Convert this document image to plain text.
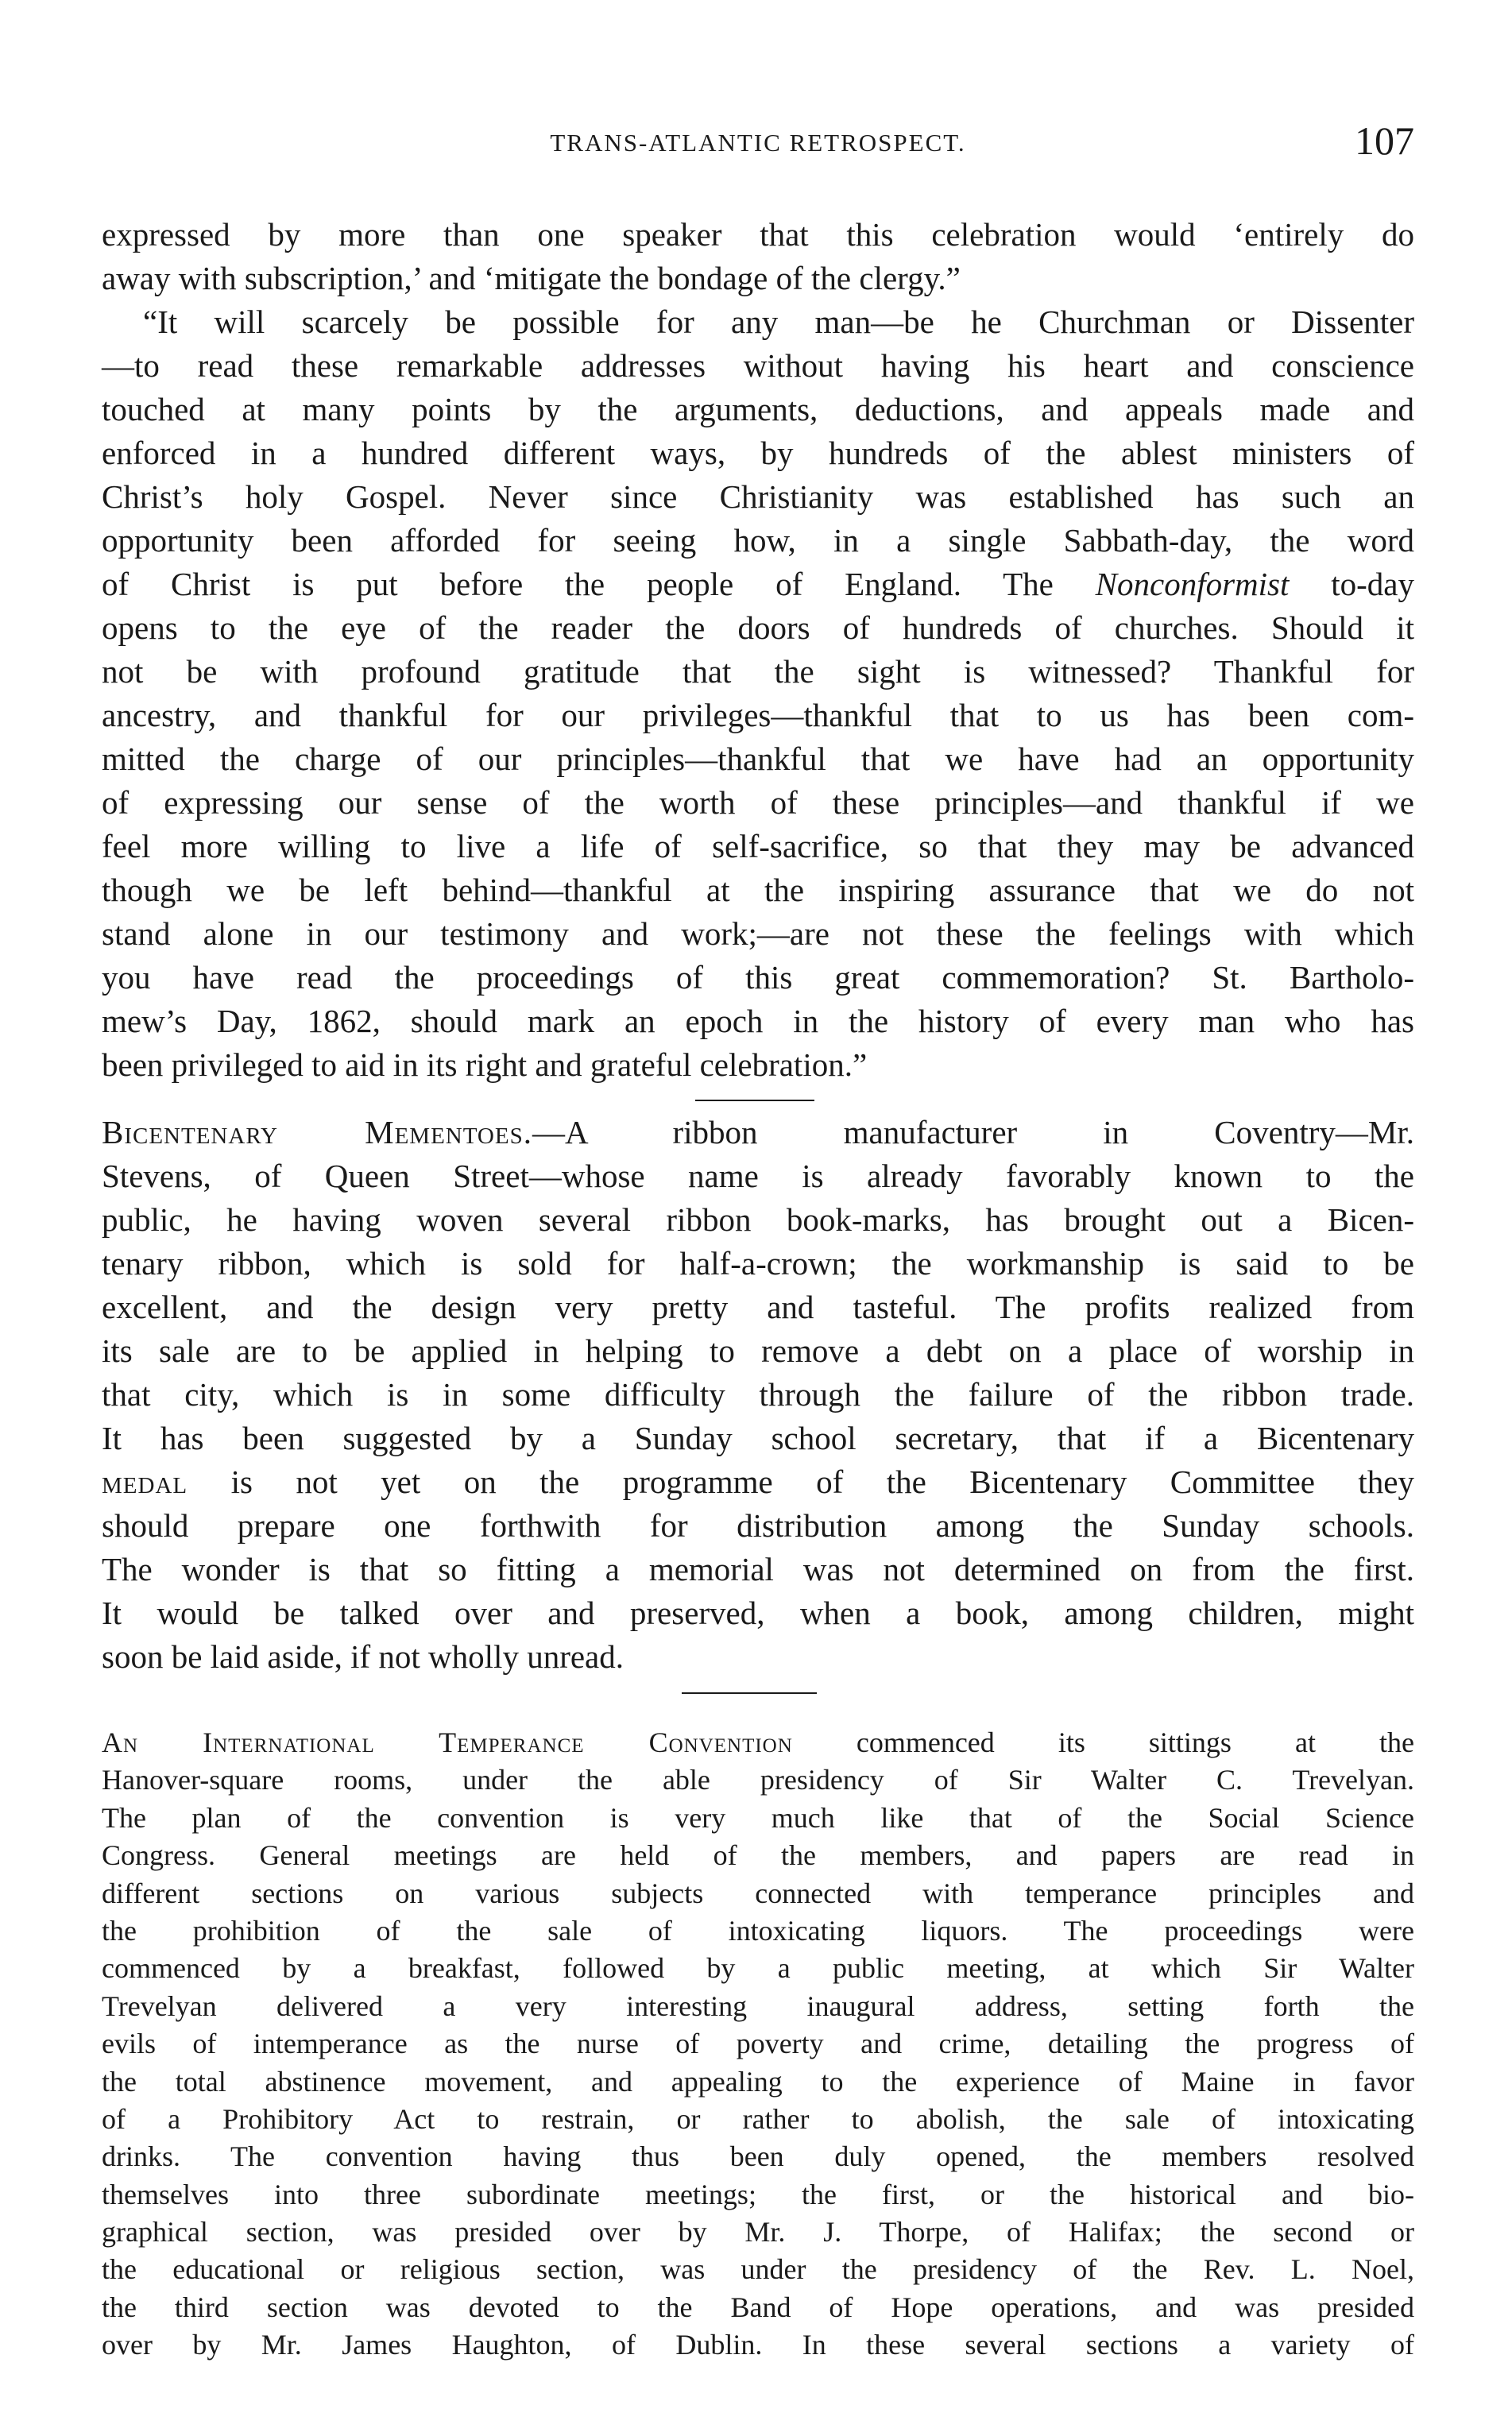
TRANS-ATLANTIC RETROSPECT.	107
expressed by more than one speaker that this celebration would ‘entirely do
away with subscription,’ and ‘mitigate the bondage of the clergy.”
“It will scarcely be possible for any man—be he Churchman or Dissenter
—to read these remarkable addresses without having his heart and conscience
touched at many points by the arguments, deductions, and appeals made and
enforced in a hundred different ways, by hundreds of the ablest ministers of
Christ’s holy Gospel. Never since Christianity was established has such an
opportunity been afforded for seeing how, in a single Sabbath-day, the word
of Christ is put before the people of England. The Nonconformist to-day
opens to the eye of the reader the doors of hundreds of churches. Should it
not be with profound gratitude that the sight is witnessed? Thankful for
ancestry, and thankful for our privileges—thankful that to us has been com-
mitted the charge of our principles—thankful that we have had an opportunity
of expressing our sense of the worth of these principles—and thankful if we
feel more willing to live a life of self-sacrifice, so that they may be advanced
though we be left behind—thankful at the inspiring assurance that we do not
stand alone in our testimony and work;—are not these the feelings with which
you have read the proceedings of this great commemoration? St. Bartholo-
mew’s Day, 1862, should mark an epoch in the history of every man who has
been privileged to aid in its right and grateful celebration.”
Bicentenary Mementoes.—A ribbon manufacturer in Coventry—Mr.
Stevens, of Queen Street—whose name is already favorably known to the
public, he having woven several ribbon book-marks, has brought out a Bicen-
tenary ribbon, which is sold for half-a-crown; the workmanship is said to be
excellent, and the design very pretty and tasteful. The profits realized from
its sale are to be applied in helping to remove a debt on a place of worship in
that city, which is in some difficulty through the failure of the ribbon trade.
It has been suggested by a Sunday school secretary, that if a Bicentenary
medal is not yet on the programme of the Bicentenary Committee they
should prepare one forthwith for distribution among the Sunday schools.
The wonder is that so fitting a memorial was not determined on from the first.
It would be talked over and preserved, when a book, among children, might
soon be laid aside, if not wholly unread.
An International Temperance Convention commenced its sittings at the
Hanover-square rooms, under the able presidency of Sir Walter C. Trevelyan.
The plan of the convention is very much like that of the Social Science
Congress. General meetings are held of the members, and papers are read in
different sections on various subjects connected with temperance principles and
the prohibition of the sale of intoxicating liquors. The proceedings were
commenced by a breakfast, followed by a public meeting, at which Sir Walter
Trevelyan delivered a very interesting inaugural address, setting forth the
evils of intemperance as the nurse of poverty and crime, detailing the progress of
the total abstinence movement, and appealing to the experience of Maine in favor
of a Prohibitory Act to restrain, or rather to abolish, the sale of intoxicating
drinks. The convention having thus been duly opened, the members resolved
themselves into three subordinate meetings; the first, or the historical and bio-
graphical section, was presided over by Mr. J. Thorpe, of Halifax; the second or
the educational or religious section, was under the presidency of the Rev. L. Noel,
the third section was devoted to the Band of Hope operations, and was presided
over by Mr. James Haughton, of Dublin. In these several sections a variety of
